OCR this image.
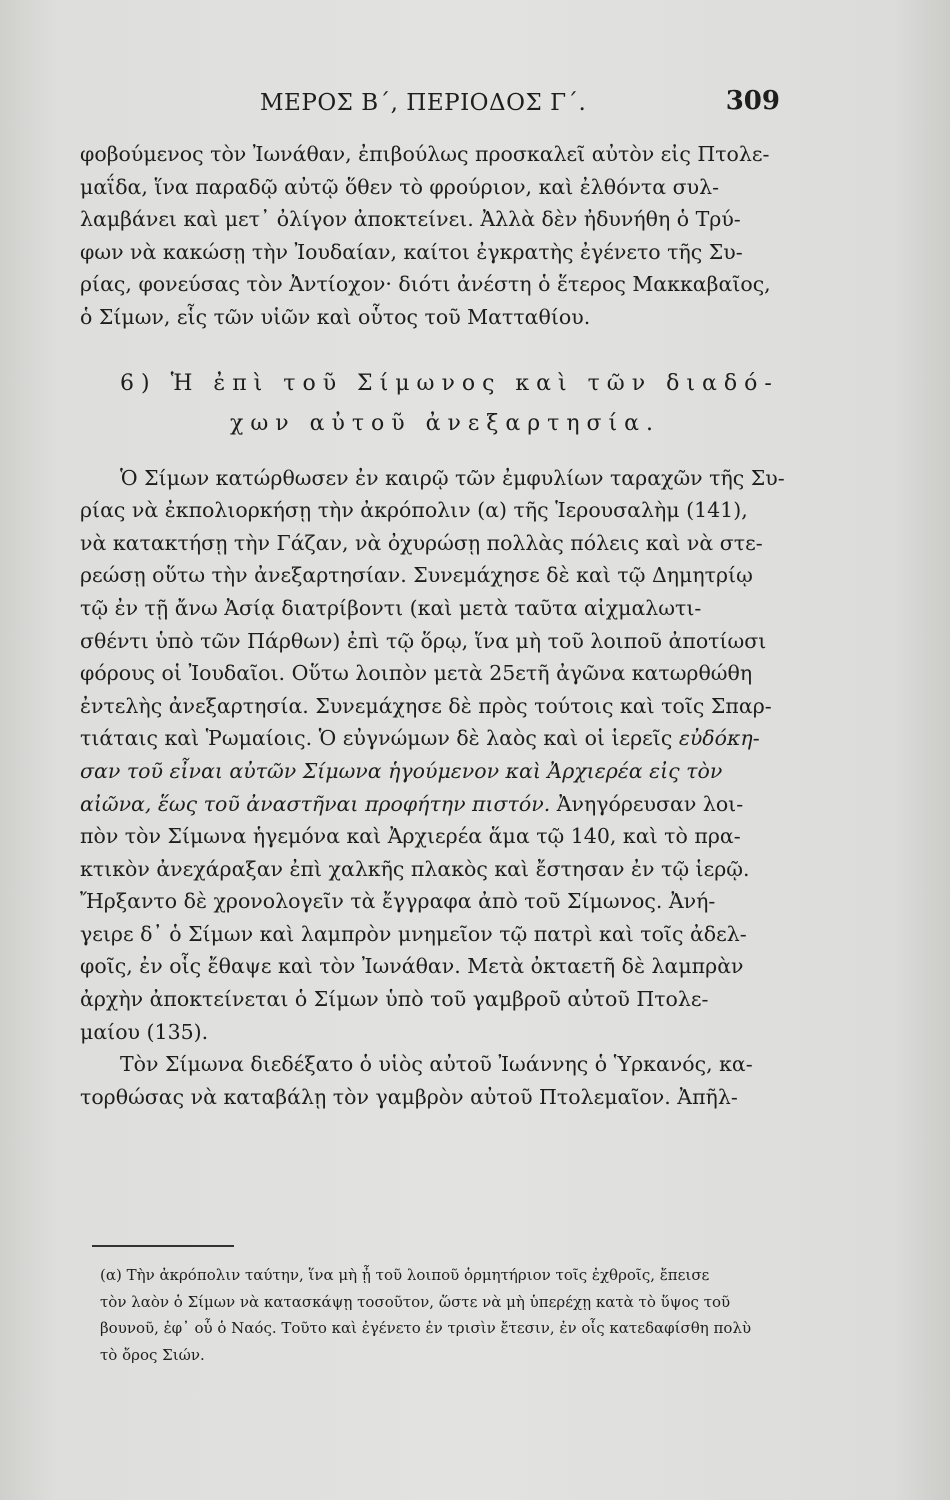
ΜΕΡΟΣ Β΄, ΠΕΡΙΟΔΟΣ Γ΄.	309
φοβούμενος τὸν Ἰωνάθαν, ἐπιβούλως προσκαλεῖ αὐτὸν εἰς Πτολε-
μαΐδα, ἵνα παραδῷ αὐτῷ ὅθεν τὸ φρούριον, καὶ ἐλθόντα συλ-
λαμβάνει καὶ μετ᾽ ὀλίγον ἀποκτείνει. Ἀλλὰ δὲν ἠδυνήθη ὁ Τρύ-
φων νὰ κακώσῃ τὴν Ἰουδαίαν, καίτοι ἐγκρατὴς ἐγένετο τῆς Συ-
ρίας, φονεύσας τὸν Ἀντίοχον· διότι ἀνέστη ὁ ἕτερος Μακκαβαῖος,
ὁ Σίμων, εἷς τῶν υἱῶν καὶ οὗτος τοῦ Ματταθίου.
6) Ἡ ἐπὶ τοῦ Σίμωνος καὶ τῶν διαδό-
χων αὐτοῦ ἀνεξαρτησία.
Ὁ Σίμων κατώρθωσεν ἐν καιρῷ τῶν ἐμφυλίων ταραχῶν τῆς Συ-
ρίας νὰ ἐκπολιορκήσῃ τὴν ἀκρόπολιν (α) τῆς Ἱερουσαλὴμ (141),
νὰ κατακτήσῃ τὴν Γάζαν, νὰ ὀχυρώσῃ πολλὰς πόλεις καὶ νὰ στε-
ρεώσῃ οὕτω τὴν ἀνεξαρτησίαν. Συνεμάχησε δὲ καὶ τῷ Δημητρίῳ
τῷ ἐν τῇ ἄνω Ἀσίᾳ διατρίβοντι (καὶ μετὰ ταῦτα αἰχμαλωτι-
σθέντι ὑπὸ τῶν Πάρθων) ἐπὶ τῷ ὅρῳ, ἵνα μὴ τοῦ λοιποῦ ἀποτίωσι
φόρους οἱ Ἰουδαῖοι. Οὕτω λοιπὸν μετὰ 25ετῆ ἀγῶνα κατωρθώθη
ἐντελὴς ἀνεξαρτησία. Συνεμάχησε δὲ πρὸς τούτοις καὶ τοῖς Σπαρ-
τιάταις καὶ Ῥωμαίοις. Ὁ εὐγνώμων δὲ λαὸς καὶ οἱ ἱερεῖς εὐδόκη-
σαν τοῦ εἶναι αὐτῶν Σίμωνα ἡγούμενον καὶ Ἀρχιερέα εἰς τὸν
αἰῶνα, ἕως τοῦ ἀναστῆναι προφήτην πιστόν. Ἀνηγόρευσαν λοι-
πὸν τὸν Σίμωνα ἡγεμόνα καὶ Ἀρχιερέα ἅμα τῷ 140, καὶ τὸ πρα-
κτικὸν ἀνεχάραξαν ἐπὶ χαλκῆς πλακὸς καὶ ἔστησαν ἐν τῷ ἱερῷ.
Ἤρξαντο δὲ χρονολογεῖν τὰ ἔγγραφα ἀπὸ τοῦ Σίμωνος. Ἀνή-
γειρε δ᾽ ὁ Σίμων καὶ λαμπρὸν μνημεῖον τῷ πατρὶ καὶ τοῖς ἀδελ-
φοῖς, ἐν οἷς ἔθαψε καὶ τὸν Ἰωνάθαν. Μετὰ ὀκταετῆ δὲ λαμπρὰν
ἀρχὴν ἀποκτείνεται ὁ Σίμων ὑπὸ τοῦ γαμβροῦ αὐτοῦ Πτολε-
μαίου (135).
Τὸν Σίμωνα διεδέξατο ὁ υἱὸς αὐτοῦ Ἰωάννης ὁ Ὑρκανός, κα-
τορθώσας νὰ καταβάλῃ τὸν γαμβρὸν αὐτοῦ Πτολεμαῖον. Ἀπῆλ-
(α) Τὴν ἀκρόπολιν ταύτην, ἵνα μὴ ᾖ τοῦ λοιποῦ ὁρμητήριον τοῖς ἐχθροῖς, ἔπεισε
τὸν λαὸν ὁ Σίμων νὰ κατασκάψῃ τοσοῦτον, ὥστε νὰ μὴ ὑπερέχῃ κατὰ τὸ ὕψος τοῦ
βουνοῦ, ἐφ᾽ οὗ ὁ Ναός. Τοῦτο καὶ ἐγένετο ἐν τρισὶν ἔτεσιν, ἐν οἷς κατεδαφίσθη πολὺ
τὸ ὄρος Σιών.
